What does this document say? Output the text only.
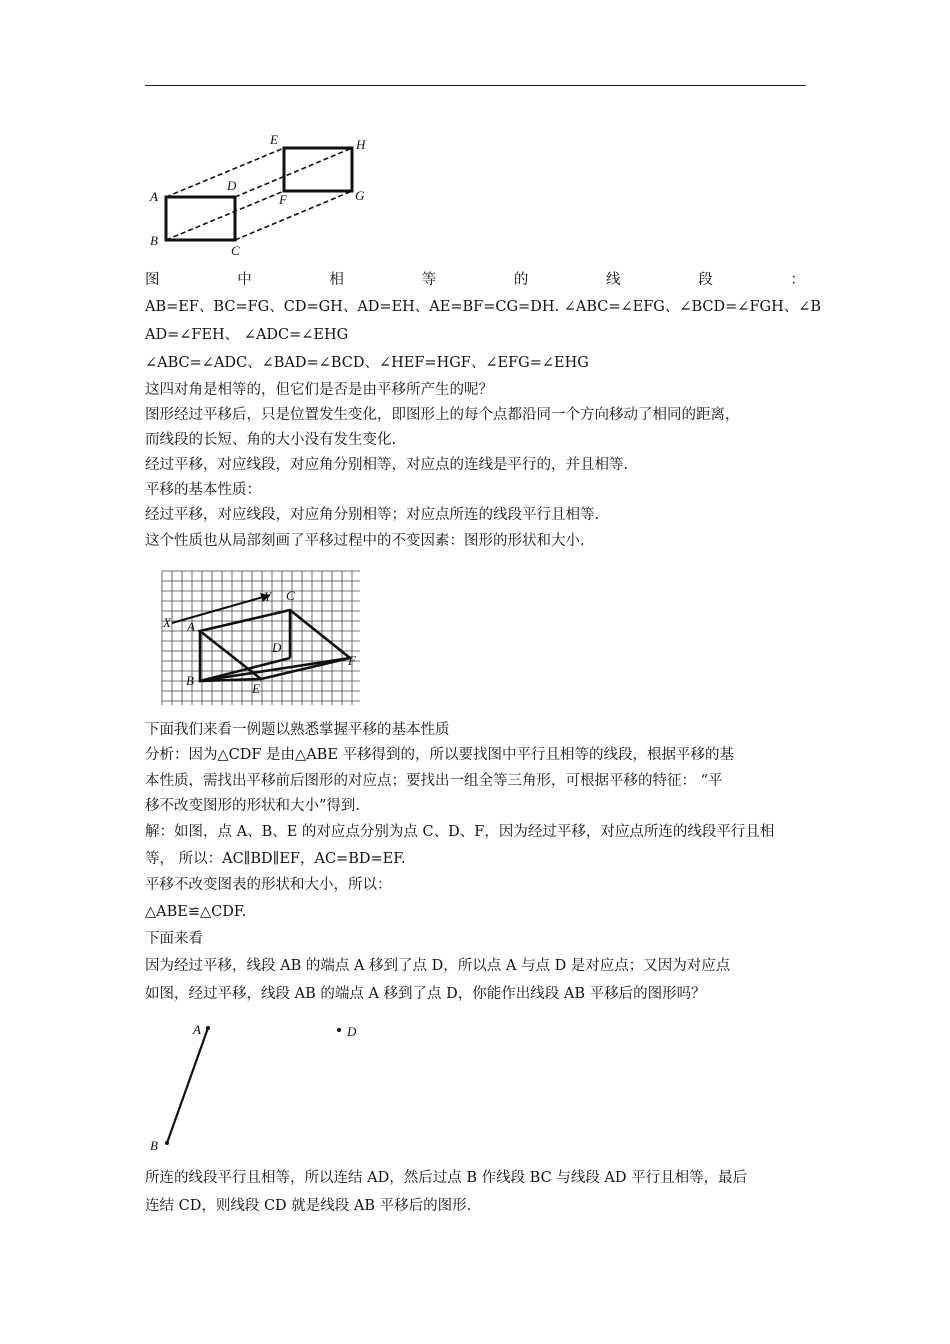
A
B
C
D
E
F	G
H
图	中	相	等	的	线	段	：
AB=EF、BC=FG、CD=GH、AD=EH、AE=BF=CG=DH. ∠ABC=∠EFG、∠BCD=∠FGH、∠B
AD=∠FEH、 ∠ADC=∠EHG
∠ABC=∠ADC、∠BAD=∠BCD、∠HEF=HGF、∠EFG=∠EHG
这四对角是相等的，但它们是否是由平移所产生的呢？
图形经过平移后，只是位置发生变化，即图形上的每个点都沿同一个方向移动了相同的距离，
而线段的长短、角的大小没有发生变化.
经过平移，对应线段，对应角分别相等，对应点的连线是平行的，并且相等.
平移的基本性质：
经过平移，对应线段，对应角分别相等；对应点所连的线段平行且相等.
这个性质也从局部刻画了平移过程中的不变因素：图形的形状和大小.
X
Y
A
C
D
F
B
E
下面我们来看一例题以熟悉掌握平移的基本性质
分析：因为△CDF 是由△ABE 平移得到的，所以要找图中平行且相等的线段，根据平移的基
本性质，需找出平移前后图形的对应点；要找出一组全等三角形，可根据平移的特征： “平
移不改变图形的形状和大小”得到.
解：如图，点 A、B、E 的对应点分别为点 C、D、F，因为经过平移，对应点所连的线段平行且相
等， 所以：AC∥BD∥EF，AC=BD=EF.
平移不改变图表的形状和大小，所以：
△ABE≌△CDF.
下面来看
因为经过平移，线段 AB 的端点 A 移到了点 D，所以点 A 与点 D 是对应点；又因为对应点
如图，经过平移，线段 AB 的端点 A 移到了点 D，你能作出线段 AB 平移后的图形吗？
A
B
D
所连的线段平行且相等，所以连结 AD，然后过点 B 作线段 BC 与线段 AD 平行且相等，最后
连结 CD，则线段 CD 就是线段 AB 平移后的图形.
